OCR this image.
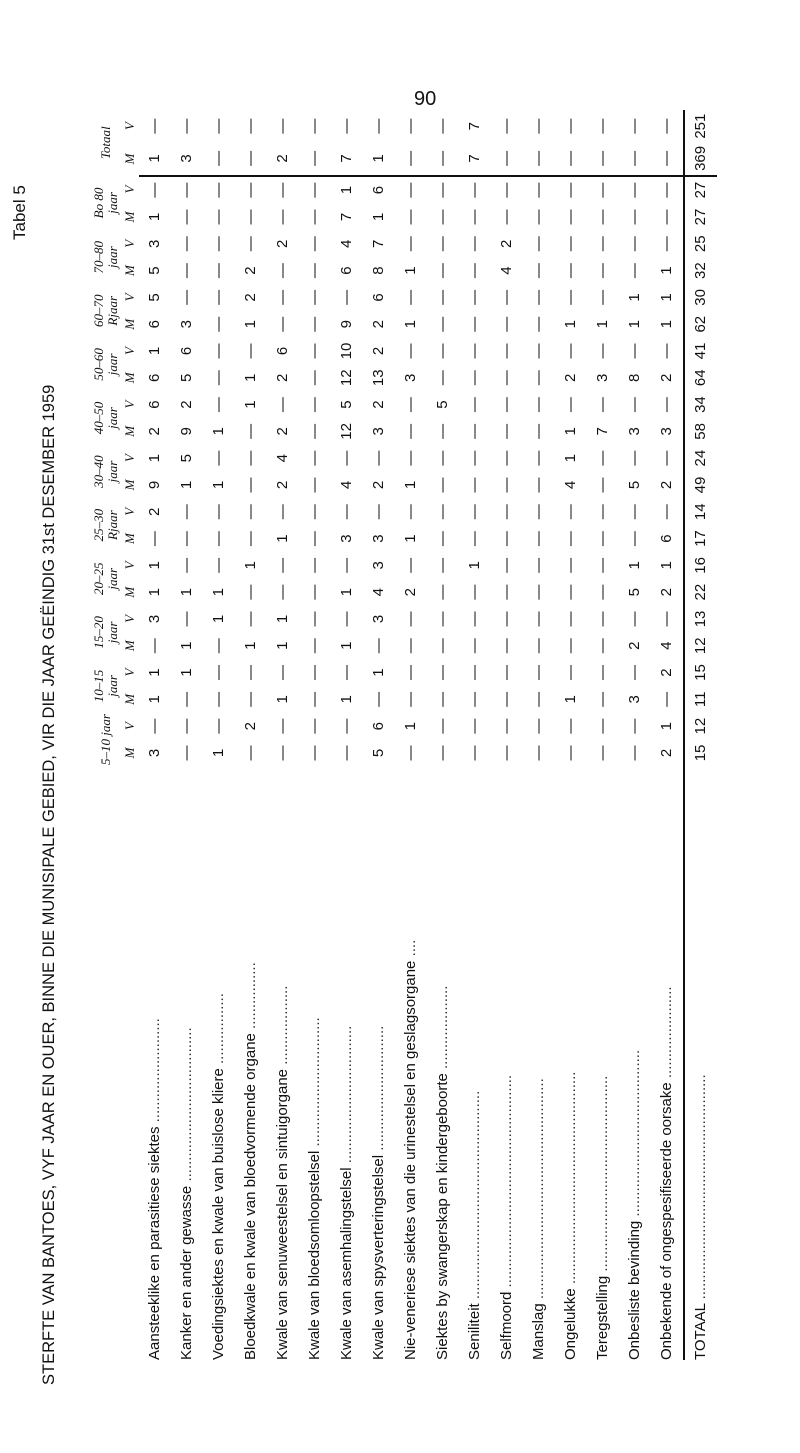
90
Tabel 5
STERFTE VAN BANTOES, VYF JAAR EN OUER, BINNE DIE MUNISIPALE GEBIED, VIR DIE JAAR GEËINDIG 31st DESEMBER 1959
		5–10 jaar		10–15 jaar		15–20 jaar		20–25 jaar		25–30 Rjaar		30–40 jaar		40–50 jaar		50–60 jaar		60–70 Rjaar		70–80 jaar		Bo 80 jaar		Totaal	
	M	V	M	V	M	V	M	V	M	V	M	V	M	V	M	V	M	V	M	V	M	V	M	V
Aansteeklike en parasitiese siektes .........................	3	—	1	1	—	3	1	1	—	2	9	1	2	6	6	1	6	5	5	3	1	—	1	—
Kanker en ander gewasse .....................................	—	—	—	1	1	—	1	—	—	—	1	5	9	2	5	6	3	—	—	—	—	—	3	—
Voedingsiektes en kwale van buislose kliere .................	1	—	—	—	—	1	1	—	—	—	1	—	1	—	—	—	—	—	—	—	—	—	—	—
Bloedkwale en kwale van bloedvormende organe ................	—	2	—	—	1	—	—	1	—	—	—	—	—	1	1	—	1	2	2	—	—	—	—	—
Kwale van senuweestelsel en sintuigorgane ...................	—	—	1	—	1	1	—	—	1	—	2	4	2	—	2	6	—	—	—	2	—	—	2	—
Kwale van bloedsomloopstelsel ...............................	—	—	—	—	—	—	—	—	—	—	—	—	—	—	—	—	—	—	—	—	—	—	—	—
Kwale van asemhalingstelsel .................................	—	—	1	—	1	—	1	—	3	—	4	—	12	5	12	10	9	—	6	4	7	1	7	—
Kwale van spysverteringstelsel ..............................	5	6	—	1	—	3	4	3	3	—	2	—	3	2	13	2	2	6	8	7	1	6	1	—
Nie-veneriese siektes van die urinestelsel en geslagsorgane ....	—	1	—	—	—	—	2	—	1	—	1	—	—	—	3	—	1	—	1	—	—	—	—	—
Siektes by swangerskap en kindergeboorte ....................	—	—	—	—	—	—	—	—	—	—	—	—	—	5	—	—	—	—	—	—	—	—	—	—
Seniliteit ..................................................	—	—	—	—	—	—	—	1	—	—	—	—	—	—	—	—	—	—	—	—	—	—	7	7
Selfmoord ...................................................	—	—	—	—	—	—	—	—	—	—	—	—	—	—	—	—	—	—	4	2	—	—	—	—
Manslag .....................................................	—	—	—	—	—	—	—	—	—	—	—	—	—	—	—	—	—	—	—	—	—	—	—	—
Ongelukke ...................................................	—	—	1	—	—	—	—	—	—	—	4	1	1	—	2	—	1	—	—	—	—	—	—	—
Teregstelling ...............................................	—	—	—	—	—	—	—	—	—	—	—	—	7	—	3	—	1	—	—	—	—	—	—	—
Onbesliste bevinding ........................................	—	—	3	—	2	—	5	1	—	—	5	—	3	—	8	—	1	1	—	—	—	—	—	—
Onbekende of ongespesifiseerde oorsake ......................	2	1	—	2	4	—	2	1	6	—	2	—	3	—	2	—	1	1	1	—	—	—	—	—
TOTAAL ......................................................	15	12	11	15	12	13	22	16	17	14	49	24	58	34	64	41	62	30	32	25	27	27	369	251
